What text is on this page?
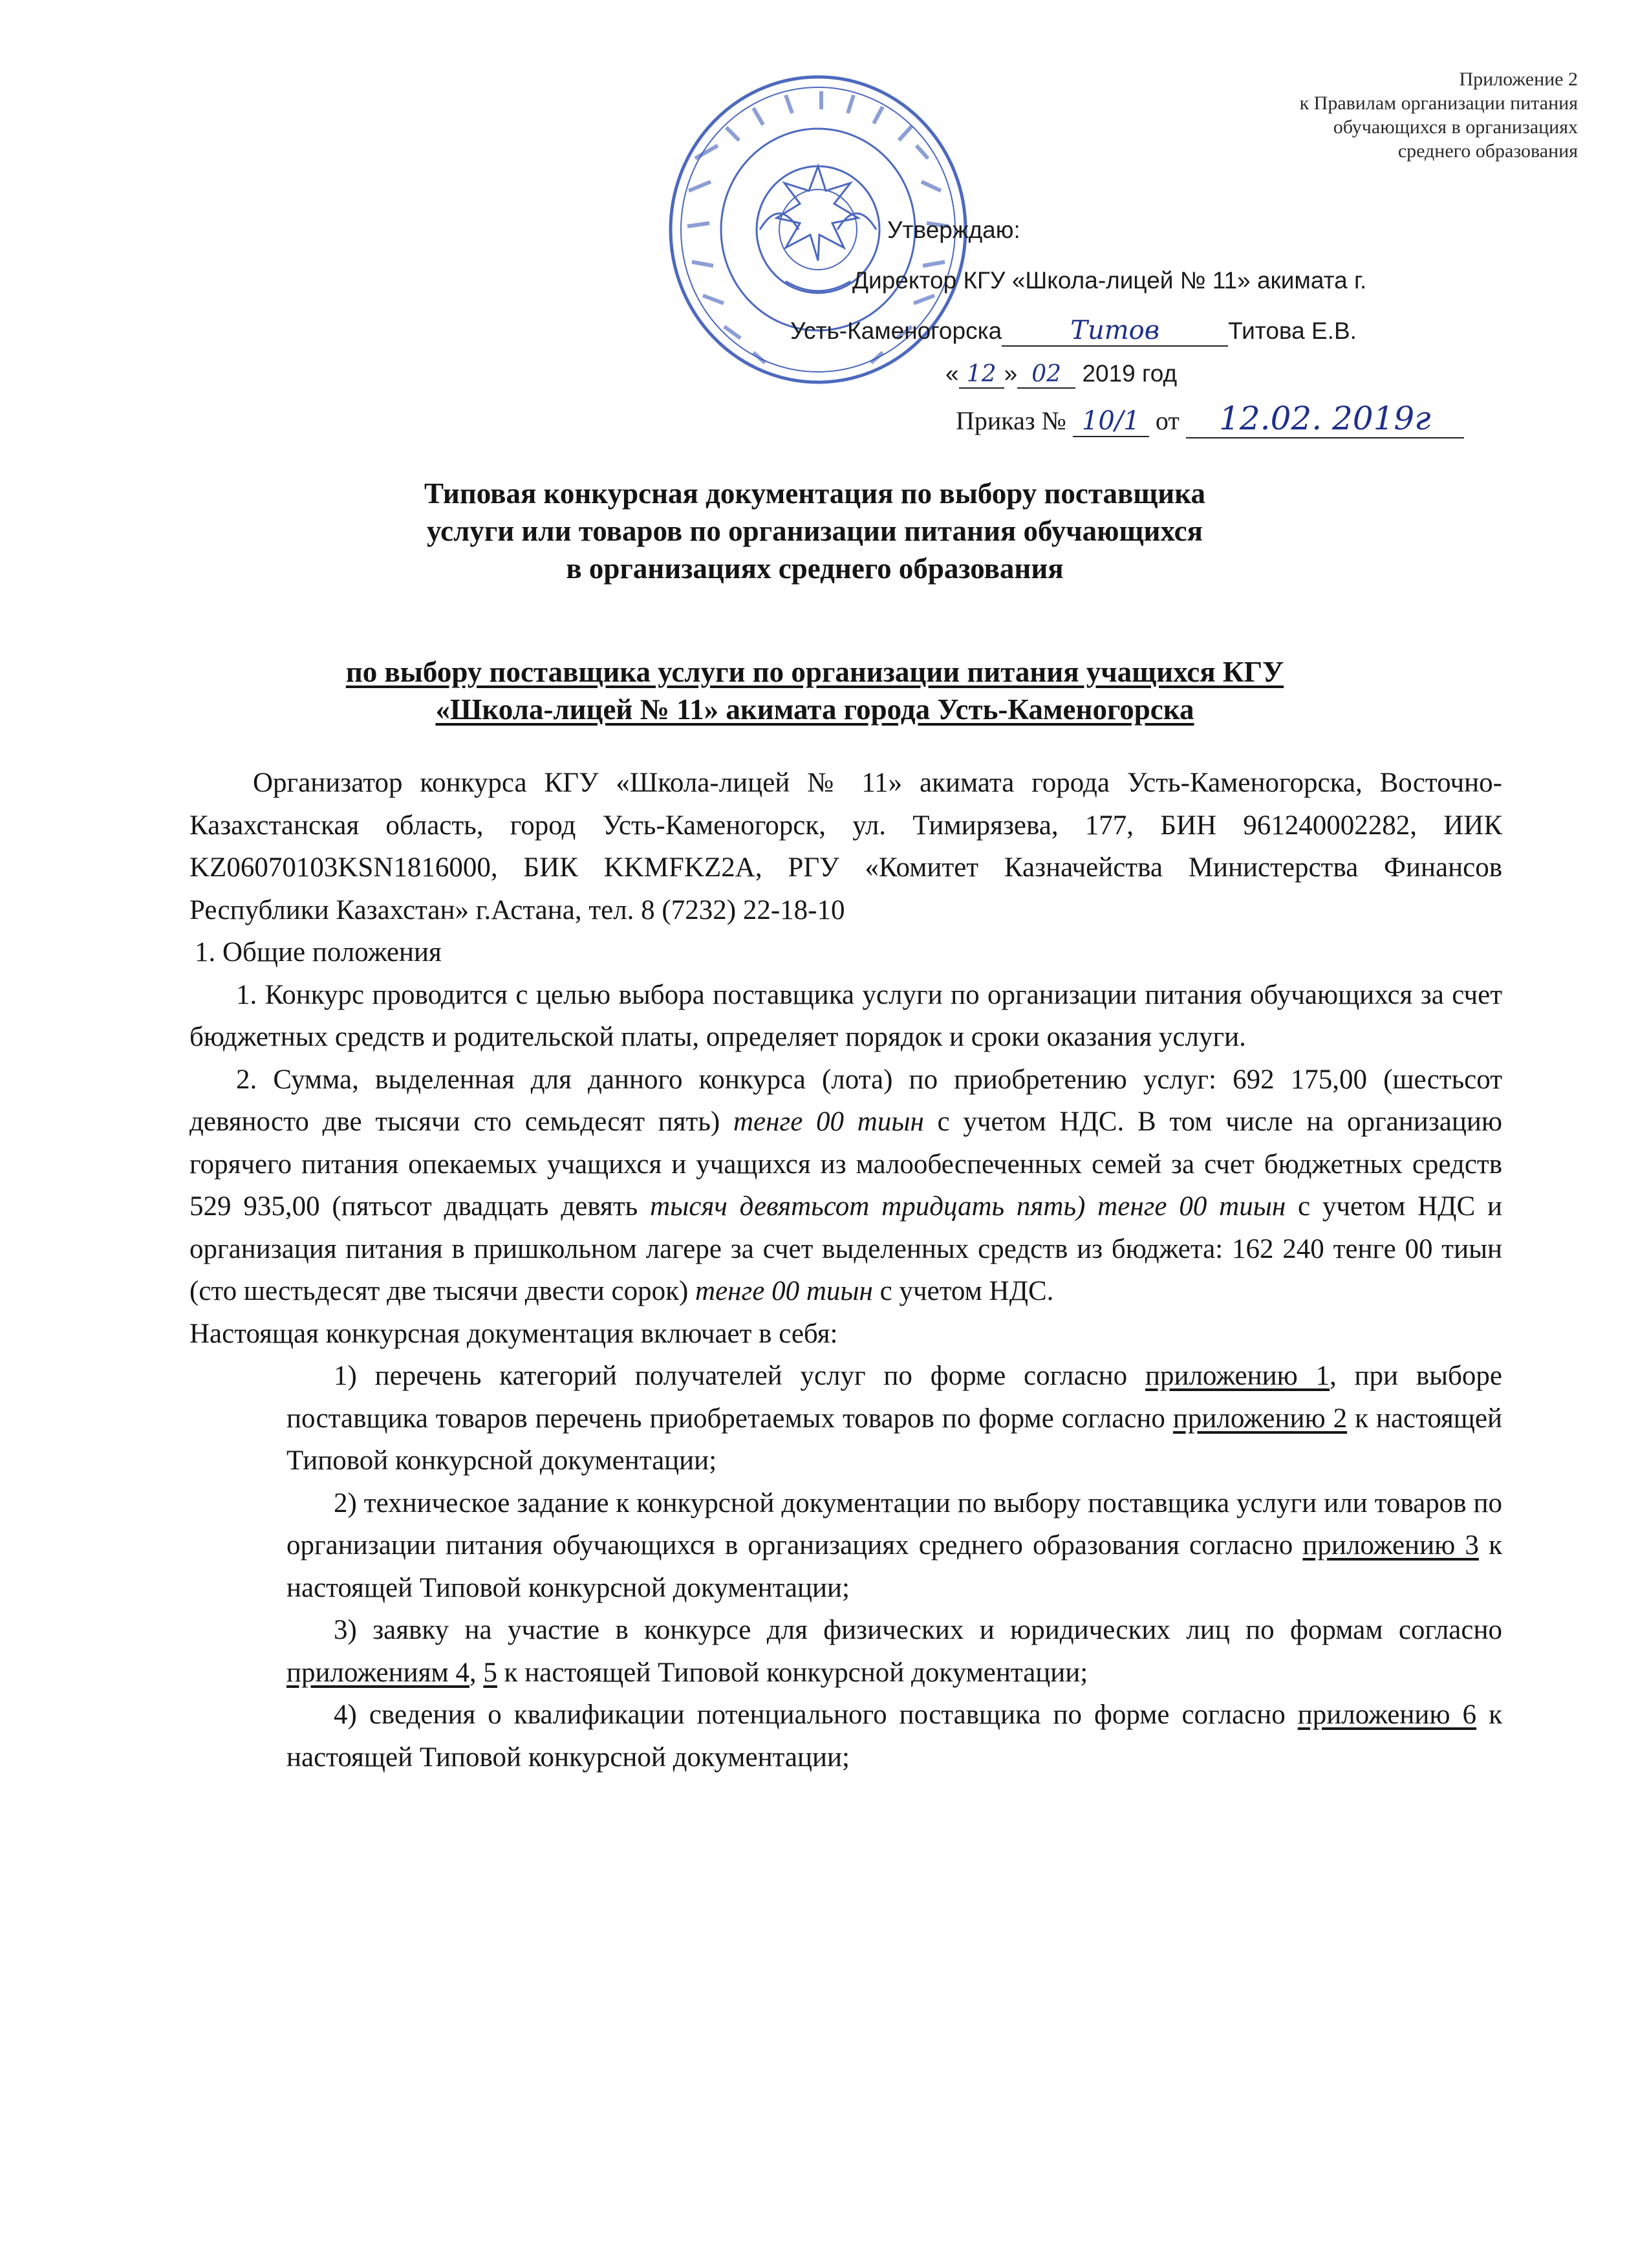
Приложение 2
к Правилам организации питания
обучающихся в организациях
среднего образования
Утверждаю:
Директор КГУ «Школа-лицей № 11» акимата г.
Усть-Каменогорска	Титов	Титова Е.В.
« 12 » 02 2019 год
Приказ № 10/1 от 12.02. 2019г
Типовая конкурсная документация по выбору поставщика
услуги или товаров по организации питания обучающихся
в организациях среднего образования
по выбору поставщика услуги по организации питания учащихся КГУ
«Школа-лицей № 11» акимата города Усть-Каменогорска

Организатор конкурса КГУ «Школа-лицей № 11» акимата города Усть-Каменогорска, Восточно-Казахстанская область, город Усть-Каменогорск, ул. Тимирязева, 177, БИН 961240002282, ИИК KZ06070103KSN1816000, БИК KKMFKZ2A, РГУ «Комитет Казначейства Министерства Финансов Республики Казахстан» г.Астана, тел. 8 (7232) 22-18-10

1. Общие положения

1. Конкурс проводится с целью выбора поставщика услуги по организации питания обучающихся за счет бюджетных средств и родительской платы, определяет порядок и сроки оказания услуги.

2. Сумма, выделенная для данного конкурса (лота) по приобретению услуг: 692 175,00 (шестьсот девяносто две тысячи сто семьдесят пять) тенге 00 тиын с учетом НДС. В том числе на организацию горячего питания опекаемых учащихся и учащихся из малообеспеченных семей за счет бюджетных средств 529 935,00 (пятьсот двадцать девять тысяч девятьсот тридцать пять) тенге 00 тиын с учетом НДС и организация питания в пришкольном лагере за счет выделенных средств из бюджета: 162 240 тенге 00 тиын (сто шестьдесят две тысячи двести сорок) тенге 00 тиын с учетом НДС.

Настоящая конкурсная документация включает в себя:

1) перечень категорий получателей услуг по форме согласно приложению 1, при выборе поставщика товаров перечень приобретаемых товаров по форме согласно приложению 2 к настоящей Типовой конкурсной документации;

2) техническое задание к конкурсной документации по выбору поставщика услуги или товаров по организации питания обучающихся в организациях среднего образования согласно приложению 3 к настоящей Типовой конкурсной документации;

3) заявку на участие в конкурсе для физических и юридических лиц по формам согласно приложениям 4, 5 к настоящей Типовой конкурсной документации;

4) сведения о квалификации потенциального поставщика по форме согласно приложению 6 к настоящей Типовой конкурсной документации;
